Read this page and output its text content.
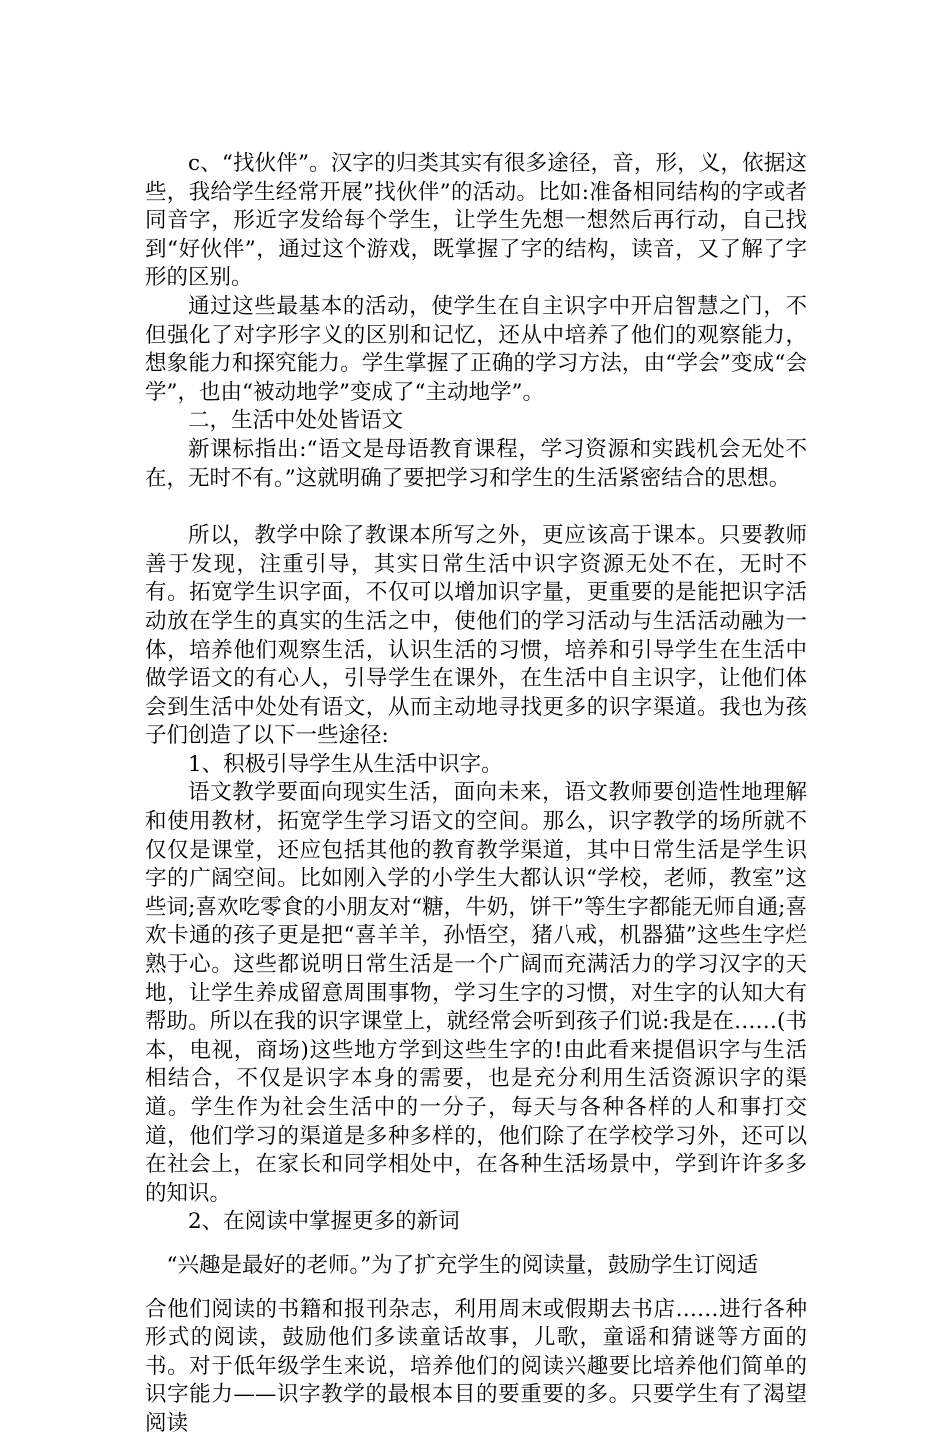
c、“找伙伴”。汉字的归类其实有很多途径，音，形，义，依据这些，我给学生经常开展”找伙伴”的活动。比如:准备相同结构的字或者同音字，形近字发给每个学生，让学生先想一想然后再行动，自己找到“好伙伴”，通过这个游戏，既掌握了字的结构，读音，又了解了字形的区别。

通过这些最基本的活动，使学生在自主识字中开启智慧之门，不但强化了对字形字义的区别和记忆，还从中培养了他们的观察能力，想象能力和探究能力。学生掌握了正确的学习方法，由“学会”变成“会学”，也由“被动地学”变成了“主动地学”。

二，生活中处处皆语文

新课标指出:“语文是母语教育课程，学习资源和实践机会无处不在，无时不有。”这就明确了要把学习和学生的生活紧密结合的思想。

所以，教学中除了教课本所写之外，更应该高于课本。只要教师善于发现，注重引导，其实日常生活中识字资源无处不在，无时不有。拓宽学生识字面，不仅可以增加识字量，更重要的是能把识字活动放在学生的真实的生活之中，使他们的学习活动与生活活动融为一体，培养他们观察生活，认识生活的习惯，培养和引导学生在生活中做学语文的有心人，引导学生在课外，在生活中自主识字，让他们体会到生活中处处有语文，从而主动地寻找更多的识字渠道。我也为孩子们创造了以下一些途径:

1、积极引导学生从生活中识字。

语文教学要面向现实生活，面向未来，语文教师要创造性地理解和使用教材，拓宽学生学习语文的空间。那么，识字教学的场所就不仅仅是课堂，还应包括其他的教育教学渠道，其中日常生活是学生识字的广阔空间。比如刚入学的小学生大都认识“学校，老师，教室”这些词;喜欢吃零食的小朋友对“糖，牛奶，饼干”等生字都能无师自通;喜欢卡通的孩子更是把“喜羊羊，孙悟空，猪八戒，机器猫”这些生字烂熟于心。这些都说明日常生活是一个广阔而充满活力的学习汉字的天地，让学生养成留意周围事物，学习生字的习惯，对生字的认知大有帮助。所以在我的识字课堂上，就经常会听到孩子们说:我是在……(书本，电视，商场)这些地方学到这些生字的!由此看来提倡识字与生活相结合，不仅是识字本身的需要，也是充分利用生活资源识字的渠道。学生作为社会生活中的一分子，每天与各种各样的人和事打交道，他们学习的渠道是多种多样的，他们除了在学校学习外，还可以在社会上，在家长和同学相处中，在各种生活场景中，学到许许多多的知识。

2、在阅读中掌握更多的新词

“兴趣是最好的老师。”为了扩充学生的阅读量，鼓励学生订阅适

合他们阅读的书籍和报刊杂志，利用周末或假期去书店……进行各种形式的阅读，鼓励他们多读童话故事，儿歌，童谣和猜谜等方面的书。对于低年级学生来说，培养他们的阅读兴趣要比培养他们简单的识字能力——识字教学的最根本目的要重要的多。只要学生有了渴望阅读
